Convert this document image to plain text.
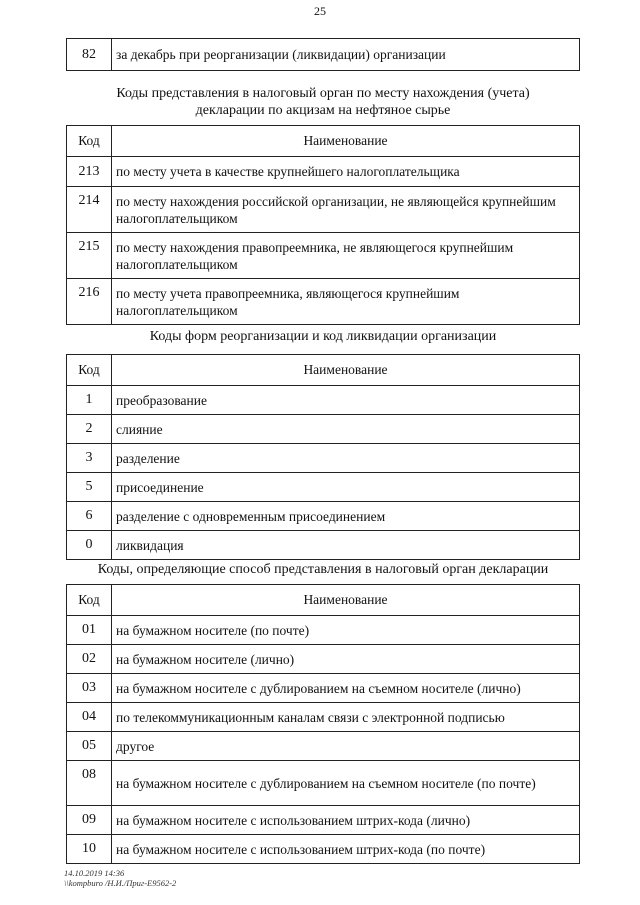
25
82	за декабрь при реорганизации (ликвидации) организации
Коды представления в налоговый орган по месту нахождения (учета)
декларации по акцизам на нефтяное сырье
Код	Наименование
213	по месту учета в качестве крупнейшего налогоплательщика
214	по месту нахождения российской организации, не являющейся крупнейшим налогоплательщиком
215	по месту нахождения правопреемника, не являющегося крупнейшим налогоплательщиком
216	по месту учета правопреемника, являющегося крупнейшим налогоплательщиком
Коды форм реорганизации и код ликвидации организации
Код	Наименование
1	преобразование
2	слияние
3	разделение
5	присоединение
6	разделение с одновременным присоединением
0	ликвидация
Коды, определяющие способ представления в налоговый орган декларации
Код	Наименование
01	на бумажном носителе (по почте)
02	на бумажном носителе (лично)
03	на бумажном носителе с дублированием на съемном носителе (лично)
04	по телекоммуникационным каналам связи с электронной подписью
05	другое
08	на бумажном носителе с дублированием на съемном носителе (по почте)
09	на бумажном носителе с использованием штрих-кода (лично)
10	на бумажном носителе с использованием штрих-кода (по почте)
14.10.2019 14:36
\\kompburo /Н.И./Приг-Е9562-2
